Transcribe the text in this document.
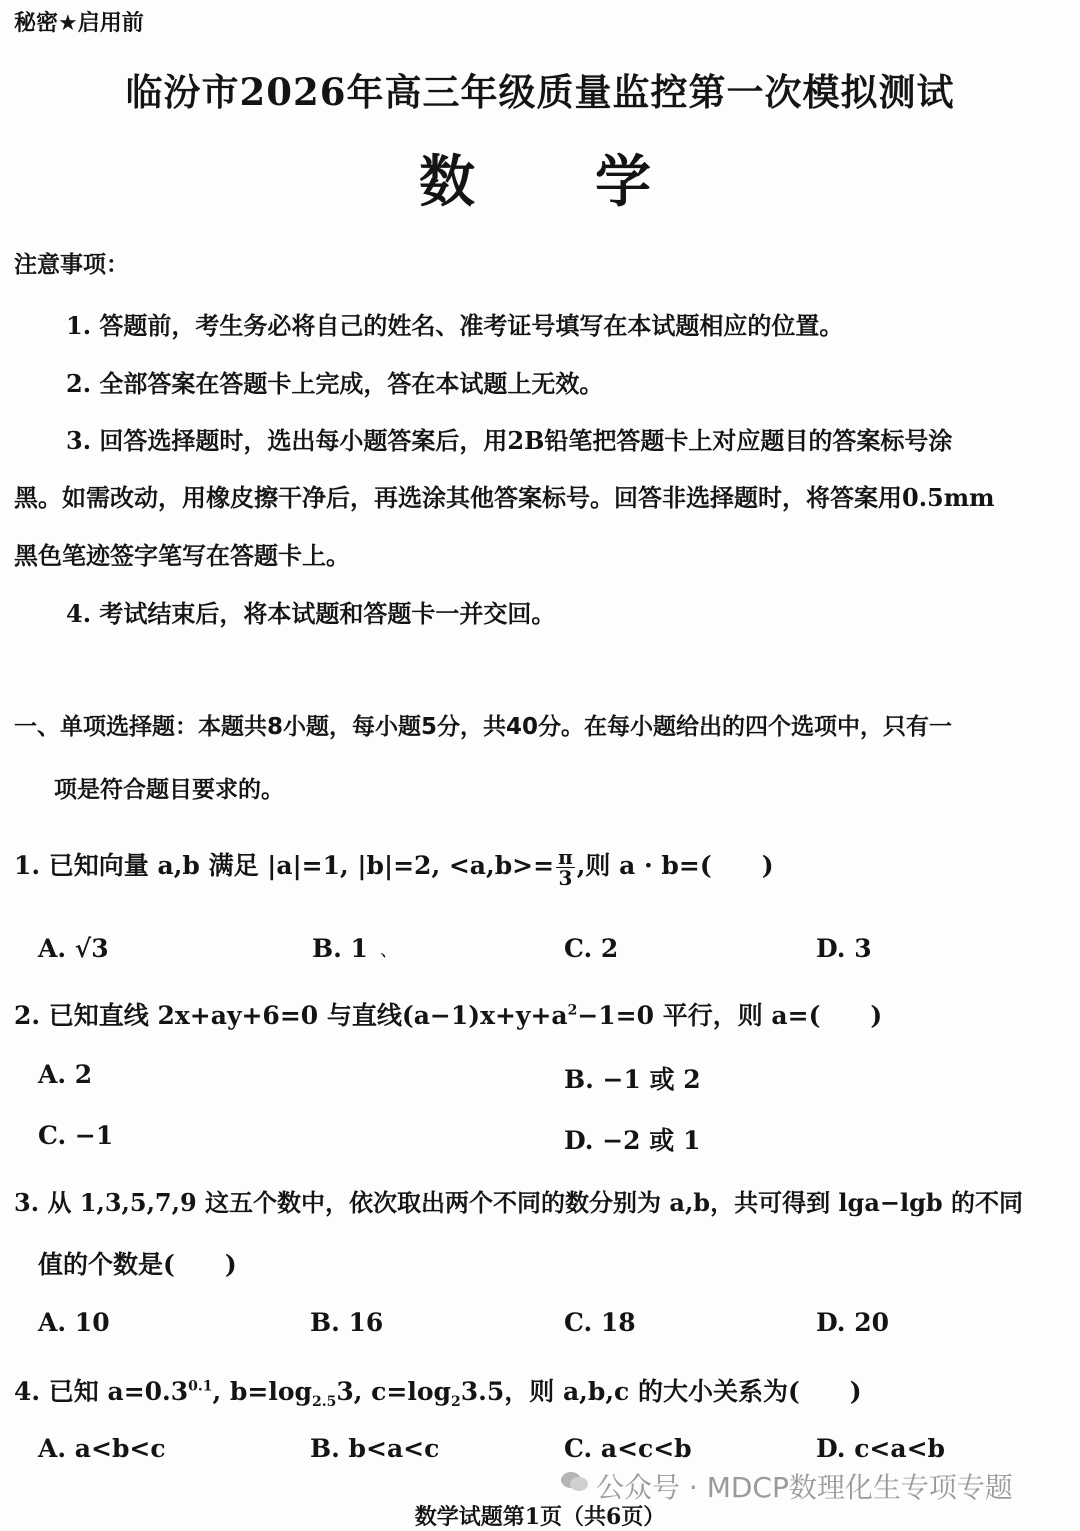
秘密★启用前
临汾市2026年高三年级质量监控第一次模拟测试
数学
注意事项：
1. 答题前，考生务必将自己的姓名、准考证号填写在本试题相应的位置。
2. 全部答案在答题卡上完成，答在本试题上无效。
3. 回答选择题时，选出每小题答案后，用2B铅笔把答题卡上对应题目的答案标号涂
黑。如需改动，用橡皮擦干净后，再选涂其他答案标号。回答非选择题时，将答案用0.5mm
黑色笔迹签字笔写在答题卡上。
4. 考试结束后，将本试题和答题卡一并交回。
一、单项选择题：本题共8小题，每小题5分，共40分。在每小题给出的四个选项中，只有一
项是符合题目要求的。
1. 已知向量 a,b 满足 |a|=1, |b|=2, $<a,b>= \frac{\pi}{3}$ ,则 a · b=(　　)
A. √3	B. 1 、	C. 2	D. 3
2. 已知直线 2x+ay+6=0 与直线$(a-1)x+y+a^2-1=0$ 平行，则 a=(　　)
A. 2	B. −1 或 2
C. −1	D. −2 或 1
3. 从 1,3,5,7,9 这五个数中，依次取出两个不同的数分别为 a,b，共可得到 lga−lgb 的不同
值的个数是(　　)
A. 10	B. 16	C. 18	D. 20
4. 已知 $a=0.3^{0.1}$, $b=\log_{2.5}3$, $c=\log_23.5$，则 a,b,c 的大小关系为(　　)
A. a<b<c	B. b<a<c	C. a<c<b	D. c<a<b
公众号 · MDCP数理化生专项专题
数学试题第1页（共6页）
